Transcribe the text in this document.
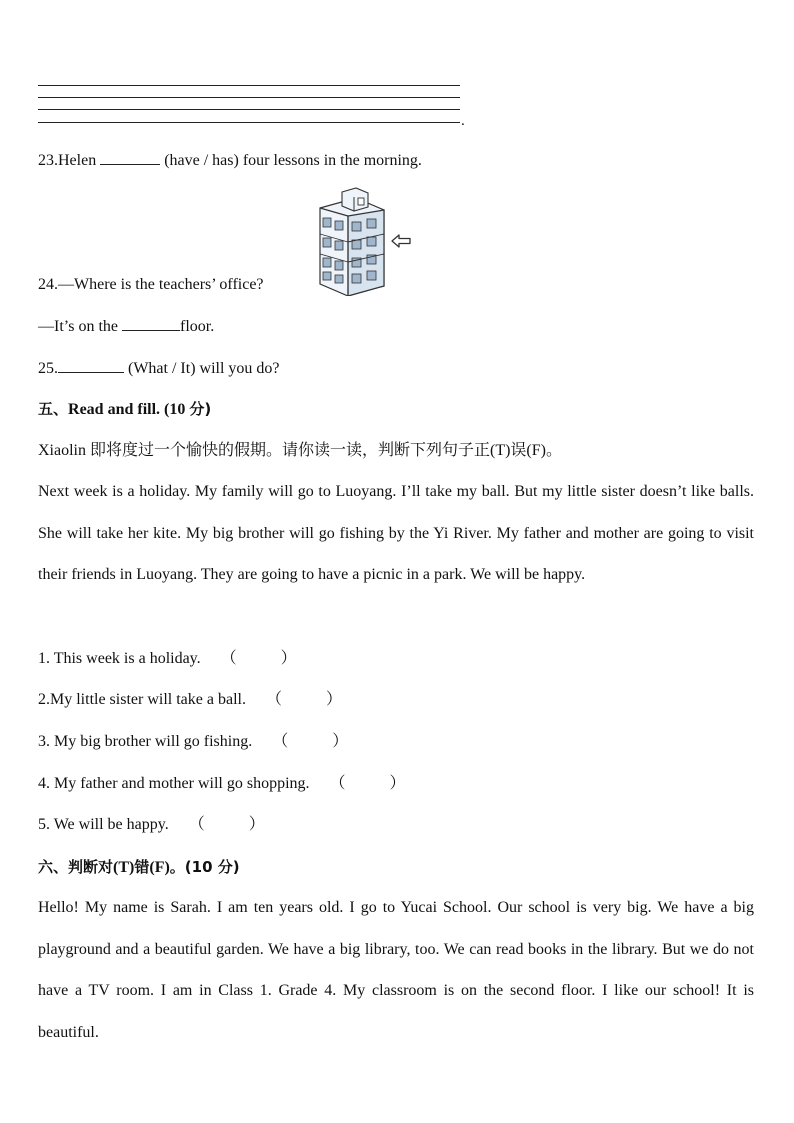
.
23.Helen	(have / has) four lessons in the morning.
24.—Where is the teachers’ office?
—It’s on the	floor.
25.	(What / It) will you do?
五、Read and fill. (10 分)
Xiaolin 即将度过一个愉快的假期。请你读一读，判断下列句子正(T)误(F)。
Next week is a holiday. My family will go to Luoyang. I’ll take my ball. But my little sister doesn’t like balls. She will take her kite. My big brother will go fishing by the Yi River. My father and mother are going to visit their friends in Luoyang. They are going to have a picnic in a park. We will be happy.
1. This week is a holiday. （	）
2.My little sister will take a ball. （	）
3. My big brother will go fishing. （	）
4. My father and mother will go shopping. （	）
5. We will be happy. （	）
六、判断对(T)错(F)。(10 分)
Hello! My name is Sarah. I am ten years old. I go to Yucai School. Our school is very big. We have a big playground and a beautiful garden. We have a big library, too. We can read books in the library. But we do not have a TV room. I am in Class 1. Grade 4. My classroom is on the second floor. I like our school! It is beautiful.
